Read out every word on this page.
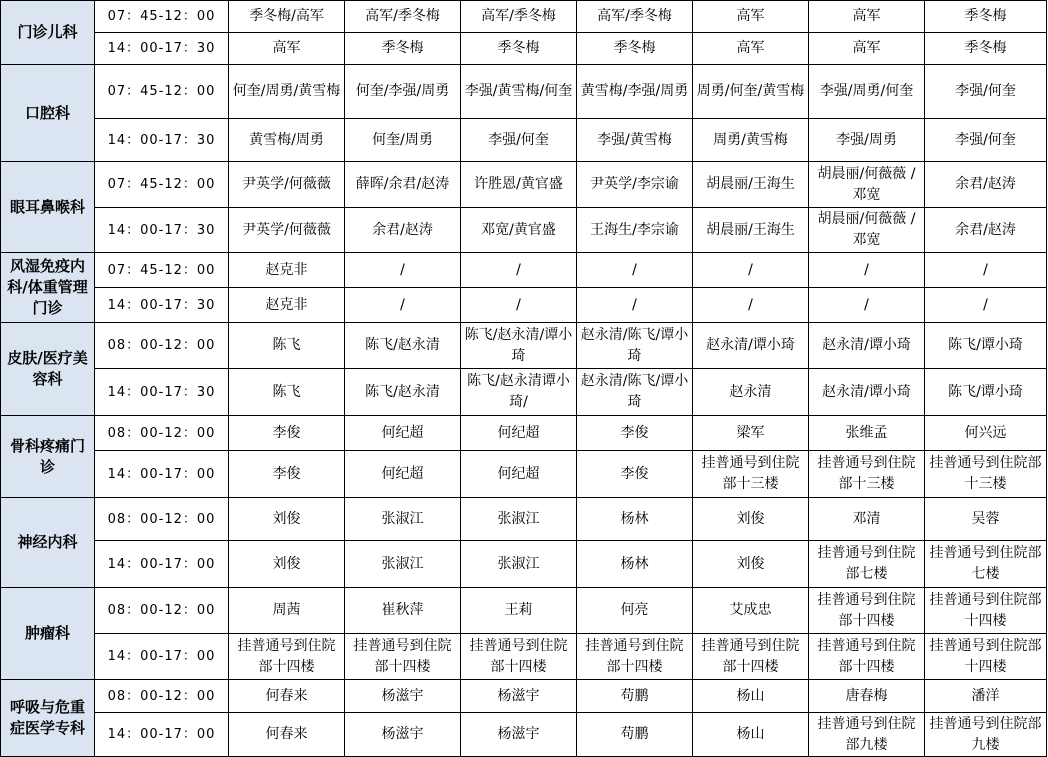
门诊儿科	07：45-12：00	季冬梅/高军	高军/季冬梅	高军/季冬梅	高军/季冬梅	高军	高军	季冬梅
	14：00-17：30	高军	季冬梅	季冬梅	季冬梅	高军	高军	季冬梅
口腔科	07：45-12：00	何奎/周勇/黄雪梅	何奎/李强/周勇	李强/黄雪梅/何奎	黄雪梅/李强/周勇	周勇/何奎/黄雪梅	李强/周勇/何奎	李强/何奎
	14：00-17：30	黄雪梅/周勇	何奎/周勇	李强/何奎	李强/黄雪梅	周勇/黄雪梅	李强/周勇	李强/何奎
眼耳鼻喉科	07：45-12：00	尹英学/何薇薇	薛晖/余君/赵涛	许胜恩/黄官盛	尹英学/李宗谕	胡晨丽/王海生	胡晨丽/何薇薇 /邓宽	余君/赵涛
	14：00-17：30	尹英学/何薇薇	余君/赵涛	邓宽/黄官盛	王海生/李宗谕	胡晨丽/王海生	胡晨丽/何薇薇 /邓宽	余君/赵涛
风湿免疫内科/体重管理门诊	07：45-12：00	赵克非	/	/	/	/	/	/
	14：00-17：30	赵克非	/	/	/	/	/	/
皮肤/医疗美容科	08：00-12：00	陈飞	陈飞/赵永清	陈飞/赵永清/谭小琦	赵永清/陈飞/谭小琦	赵永清/谭小琦	赵永清/谭小琦	陈飞/谭小琦
	14：00-17：30	陈飞	陈飞/赵永清	陈飞/赵永清谭小琦/	赵永清/陈飞/谭小琦	赵永清	赵永清/谭小琦	陈飞/谭小琦
骨科疼痛门诊	08：00-12：00	李俊	何纪超	何纪超	李俊	梁军	张维孟	何兴远
	14：00-17：00	李俊	何纪超	何纪超	李俊	挂普通号到住院部十三楼	挂普通号到住院部十三楼	挂普通号到住院部十三楼
神经内科	08：00-12：00	刘俊	张淑江	张淑江	杨林	刘俊	邓清	吴蓉
	14：00-17：00	刘俊	张淑江	张淑江	杨林	刘俊	挂普通号到住院部七楼	挂普通号到住院部七楼
肿瘤科	08：00-12：00	周茜	崔秋萍	王莉	何亮	艾成忠	挂普通号到住院部十四楼	挂普通号到住院部十四楼
	14：00-17：00	挂普通号到住院部十四楼	挂普通号到住院部十四楼	挂普通号到住院部十四楼	挂普通号到住院部十四楼	挂普通号到住院部十四楼	挂普通号到住院部十四楼	挂普通号到住院部十四楼
呼吸与危重症医学专科	08：00-12：00	何春来	杨滋宇	杨滋宇	苟鹏	杨山	唐春梅	潘洋
	14：00-17：00	何春来	杨滋宇	杨滋宇	苟鹏	杨山	挂普通号到住院部九楼	挂普通号到住院部九楼
